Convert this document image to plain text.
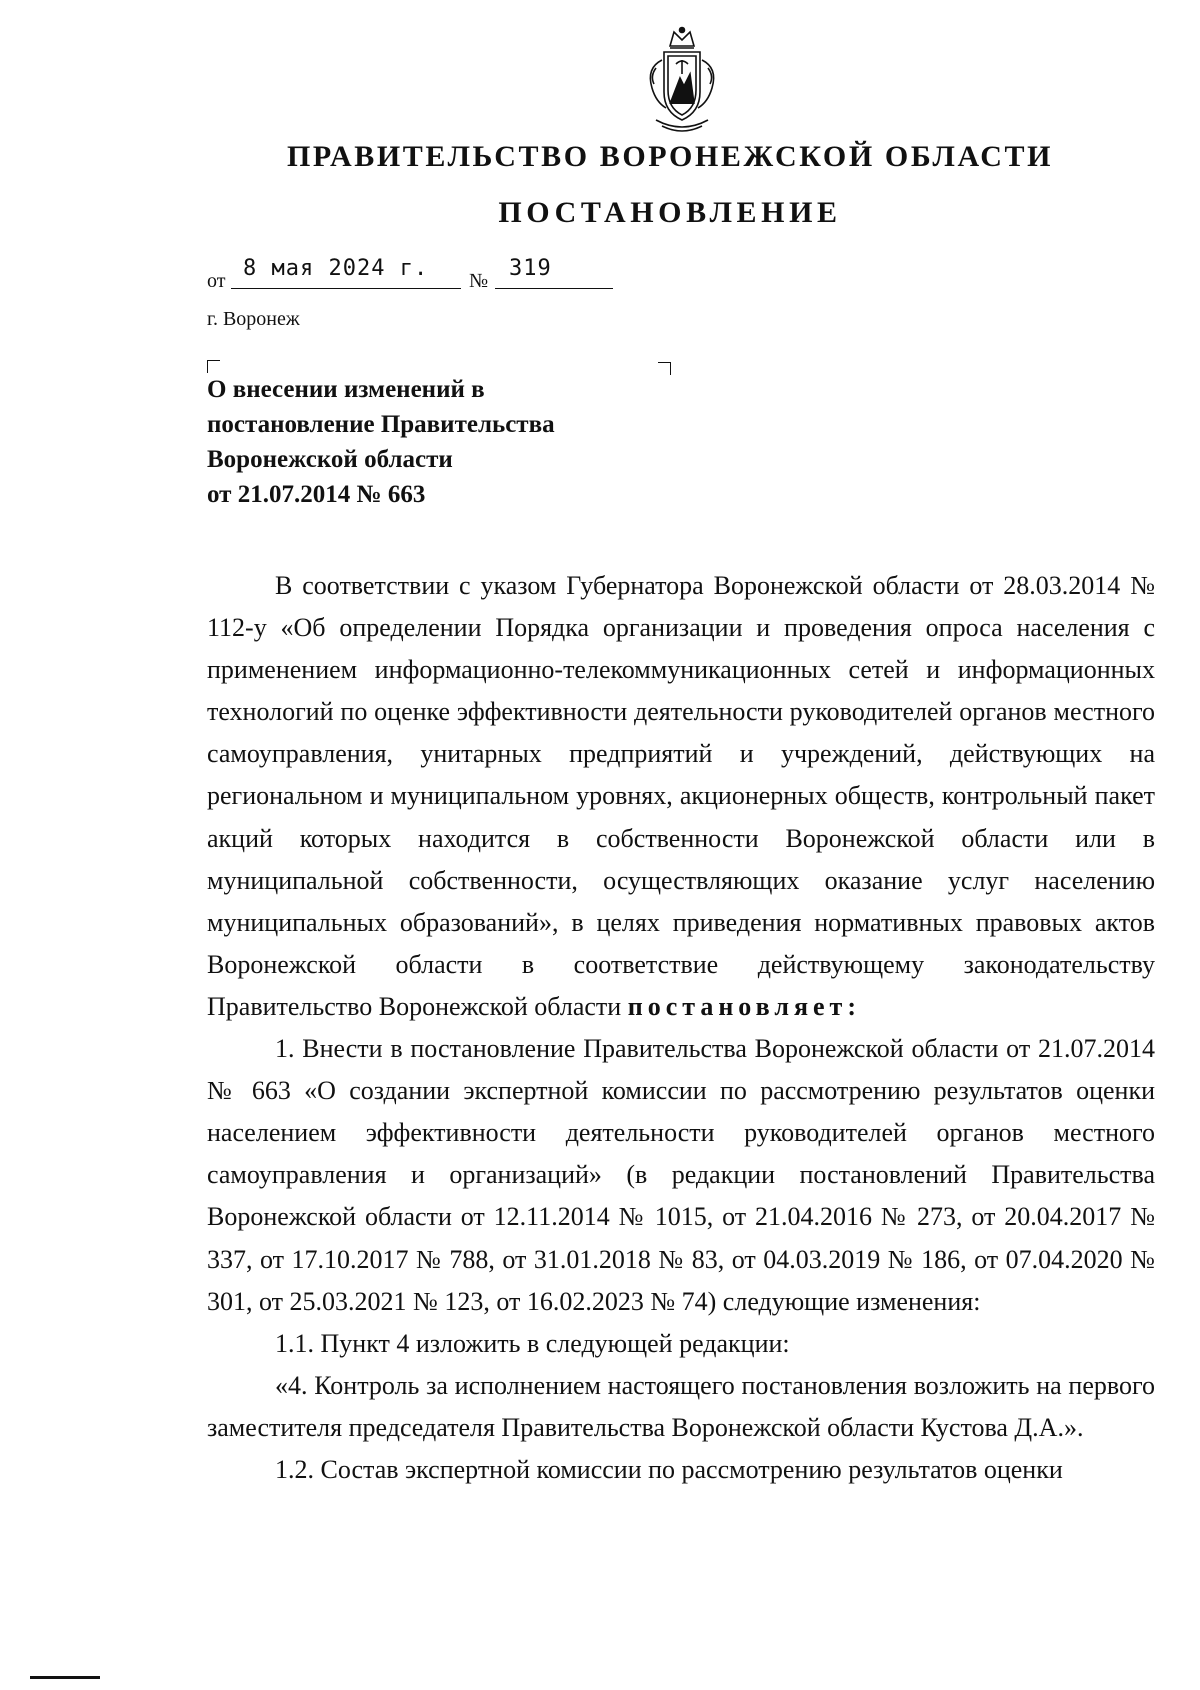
ПРАВИТЕЛЬСТВО ВОРОНЕЖСКОЙ ОБЛАСТИ
ПОСТАНОВЛЕНИЕ
от 8 мая 2024 г. № 319
г. Воронеж
О внесении изменений в
постановление Правительства
Воронежской области
от 21.07.2014 № 663

В соответствии с указом Губернатора Воронежской области от 28.03.2014 № 112-у «Об определении Порядка организации и проведения опроса населения с применением информационно-телекоммуникационных сетей и информационных технологий по оценке эффективности деятельности руководителей органов местного самоуправления, унитарных предприятий и учреждений, действующих на региональном и муниципальном уровнях, акционерных обществ, контрольный пакет акций которых находится в собственности Воронежской области или в муниципальной собственности, осуществляющих оказание услуг населению муниципальных образований», в целях приведения нормативных правовых актов Воронежской области в соответствие действующему законодательству Правительство Воронежской области постановляет:

1. Внести в постановление Правительства Воронежской области от 21.07.2014 № 663 «О создании экспертной комиссии по рассмотрению результатов оценки населением эффективности деятельности руководителей органов местного самоуправления и организаций» (в редакции постановлений Правительства Воронежской области от 12.11.2014 № 1015, от 21.04.2016 № 273, от 20.04.2017 № 337, от 17.10.2017 № 788, от 31.01.2018 № 83, от 04.03.2019 № 186, от 07.04.2020 № 301, от 25.03.2021 № 123, от 16.02.2023 № 74) следующие изменения:

1.1. Пункт 4 изложить в следующей редакции:

«4. Контроль за исполнением настоящего постановления возложить на первого заместителя председателя Правительства Воронежской области Кустова Д.А.».

1.2. Состав экспертной комиссии по рассмотрению результатов оценки
